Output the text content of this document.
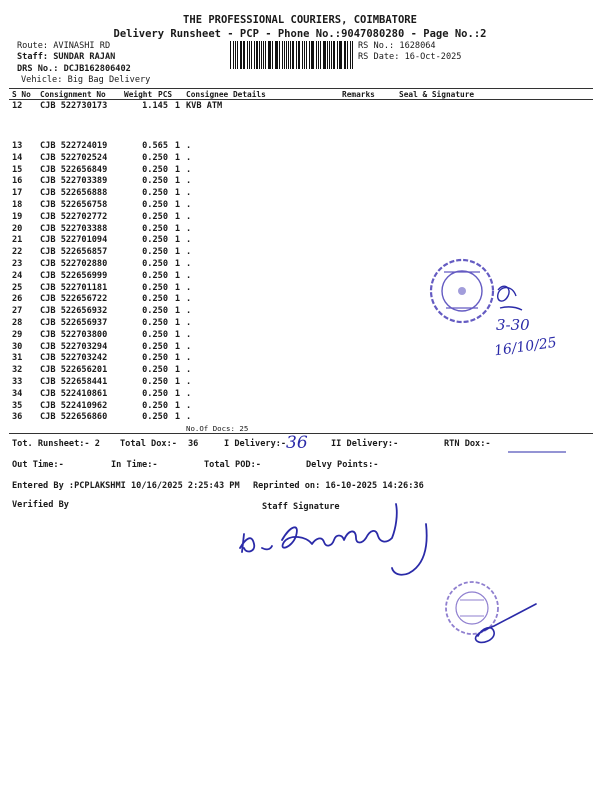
THE PROFESSIONAL COURIERS, COIMBATORE
Delivery Runsheet - PCP - Phone No.:9047080280 - Page No.:2
Route: AVINASHI RD
Staff: SUNDAR RAJAN
DRS No.: DCJB162806402
Vehicle: Big Bag Delivery
RS No.: 1628064
RS Date: 16-Oct-2025
S No Consignment No Weight PCS Consignee Details	Remarks	Seal & Signature
12 CJB 522730173	1.145 1 KVB ATM
13 CJB 522724019	0.565 1 .
14 CJB 522702524	0.250 1 .
15 CJB 522656849	0.250 1 .
16 CJB 522703389	0.250 1 .
17 CJB 522656888	0.250 1 .
18 CJB 522656758	0.250 1 .
19 CJB 522702772	0.250 1 .
20 CJB 522703388	0.250 1 .
21 CJB 522701094	0.250 1 .
22 CJB 522656857	0.250 1 .
23 CJB 522702880	0.250 1 .
24 CJB 522656999	0.250 1 .
25 CJB 522701181	0.250 1 .
26 CJB 522656722	0.250 1 .
27 CJB 522656932	0.250 1 .
28 CJB 522656937	0.250 1 .
29 CJB 522703800	0.250 1 .
30 CJB 522703294	0.250 1 .
31 CJB 522703242	0.250 1 .
32 CJB 522656201	0.250 1 .
33 CJB 522658441	0.250 1 .
34 CJB 522410861	0.250 1 .
35 CJB 522410962	0.250 1 .
36 CJB 522656860	0.250 1 .
No.Of Docs: 25
Tot. Runsheet:- 2 Total Dox:- 36	I Delivery:- 36	II Delivery:-	RTN Dox:-
Out Time:-	In Time:-	Total POD:-	Delvy Points:-
Entered By :PCPLAKSHMI 10/16/2025 2:25:43 PM Reprinted on: 16-10-2025 14:26:36
Verified By	Staff Signature
3-30
16/10/25
